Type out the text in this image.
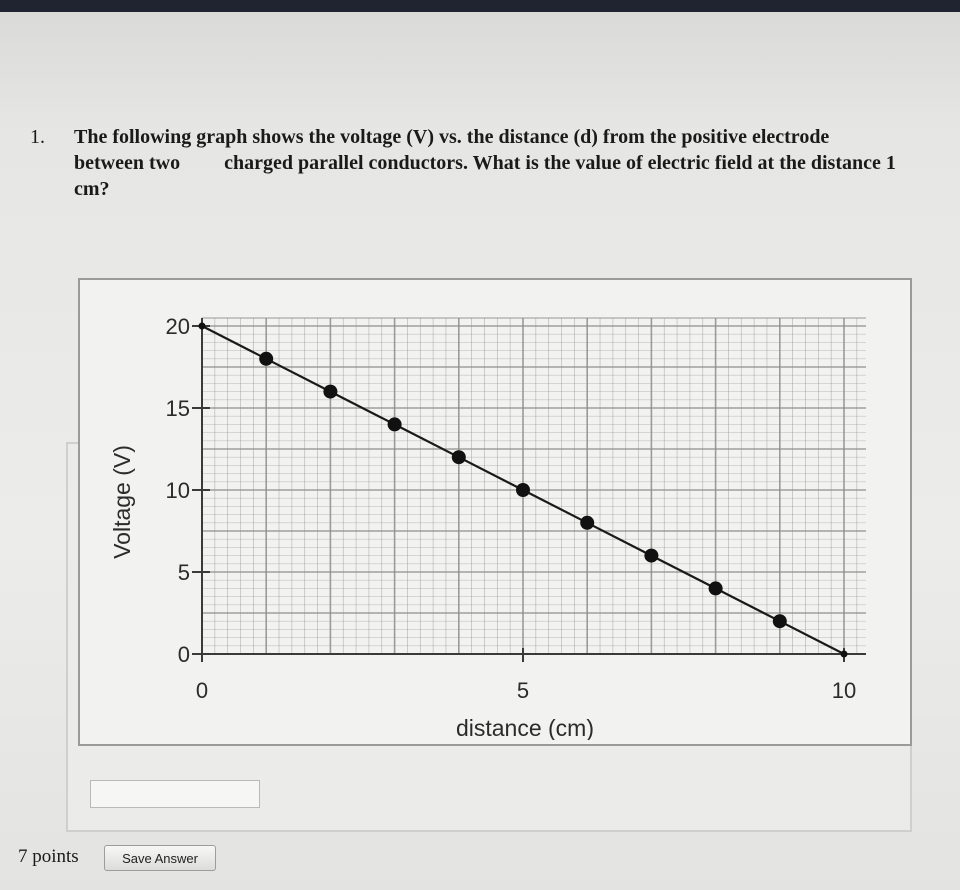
1. The following graph shows the voltage (V) vs. the distance (d) from the positive electrode
between two charged parallel conductors. What is the value of electric field at the distance 1
cm?
0
5
10
15
20
0	5	10
distance (cm)
Voltage (V)
7 points	Save Answer
